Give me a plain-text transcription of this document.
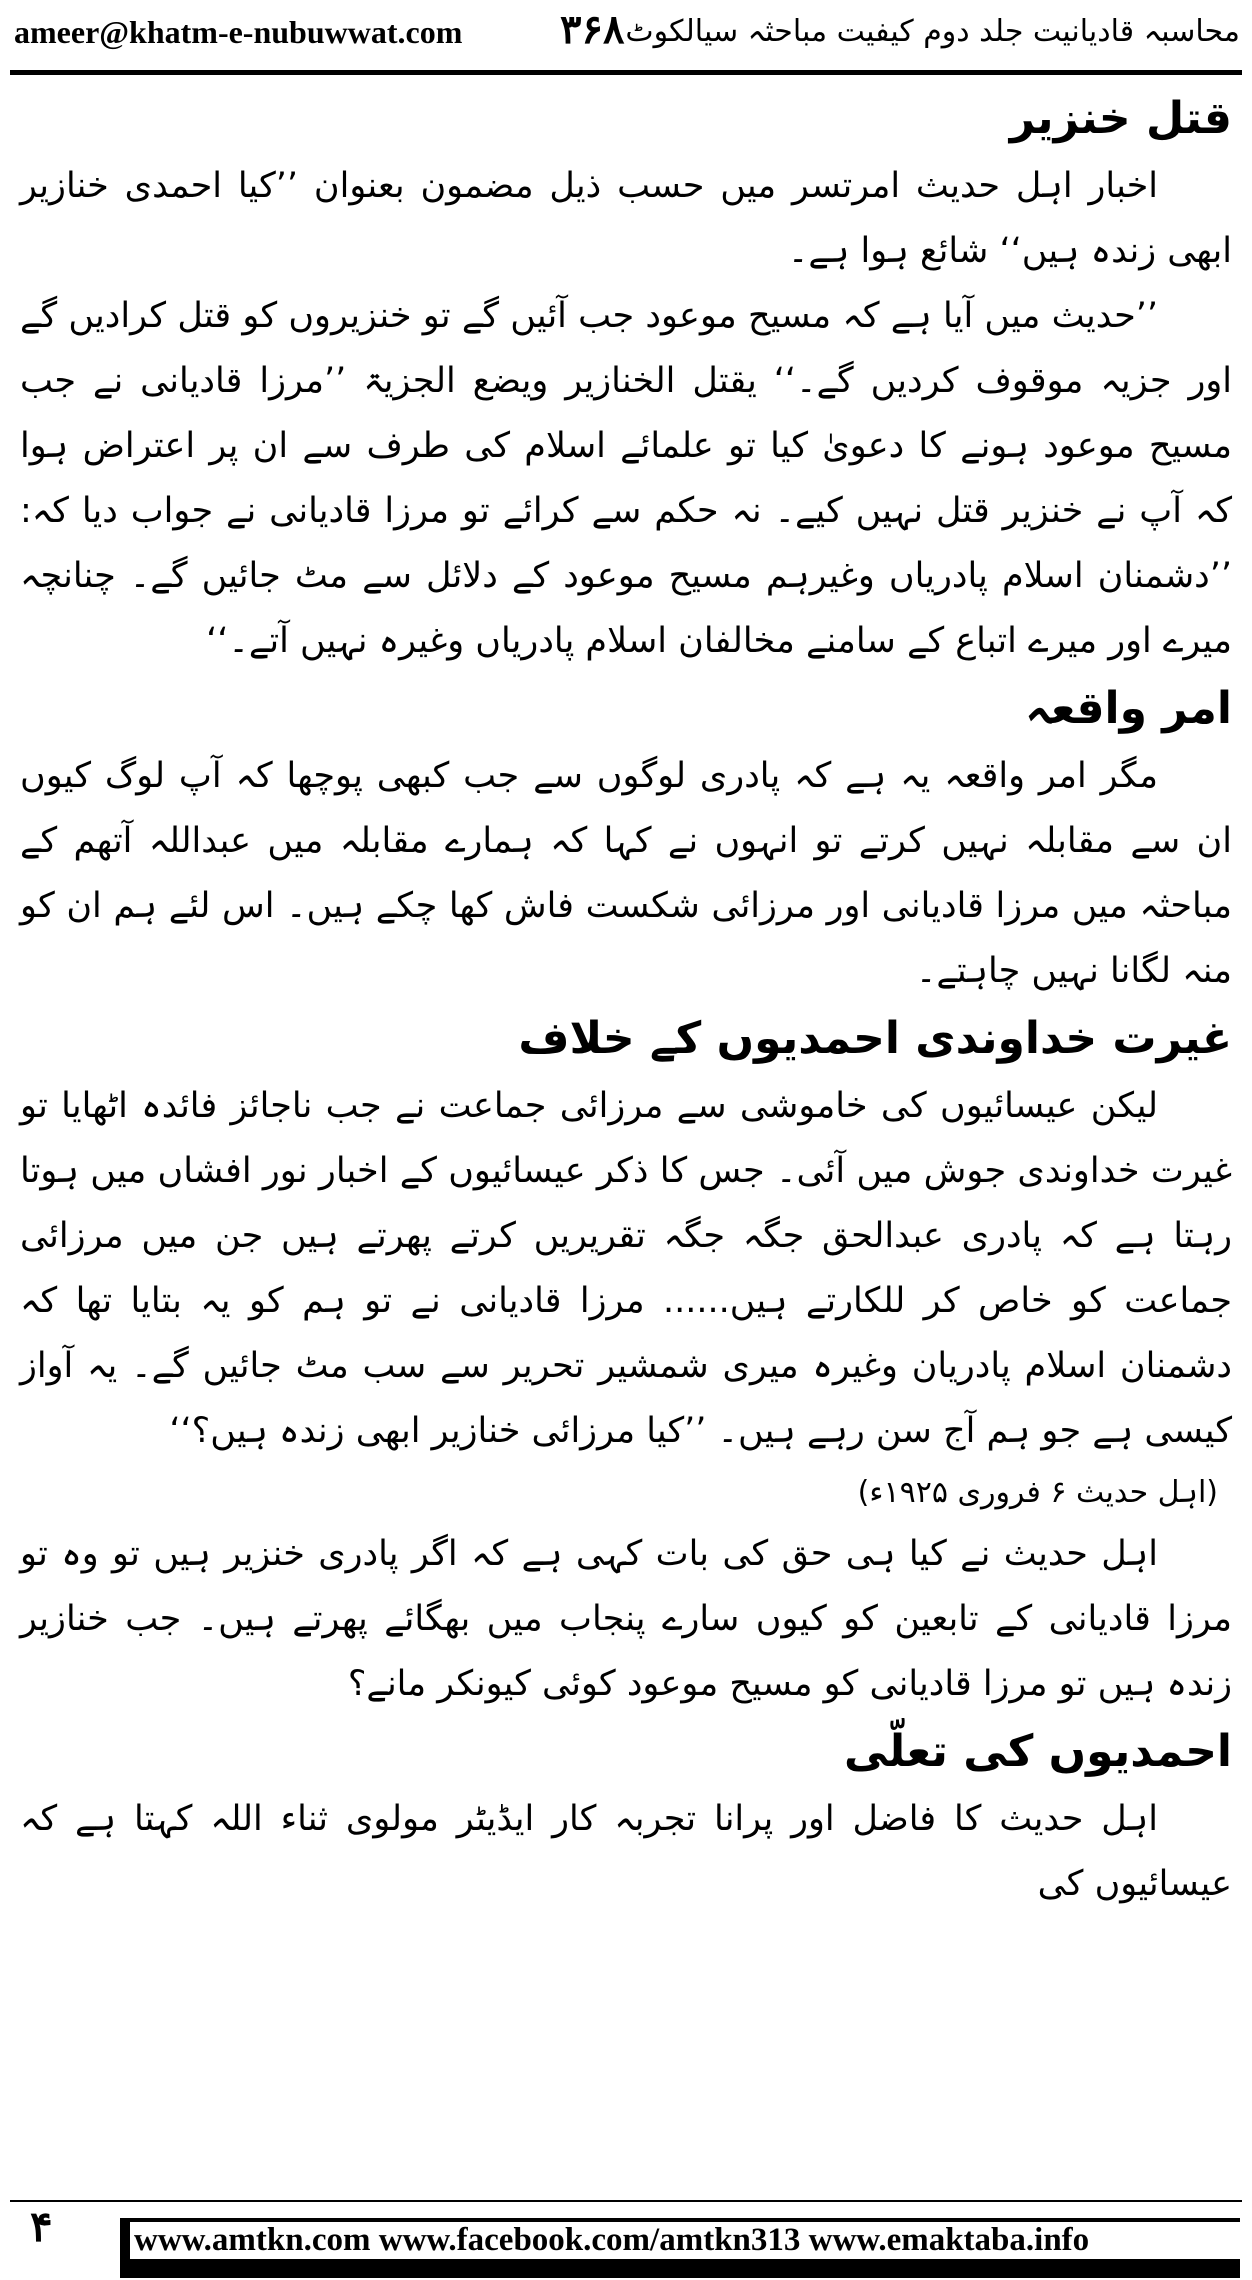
ameer@khatm-e-nubuwwat.com ۳۶۸ محاسبہ قادیانیت جلد دوم کیفیت مباحثہ سیالکوٹ
قتل خنزیر

اخبار اہل حدیث امرتسر میں حسب ذیل مضمون بعنوان ’’کیا احمدی خنازیر ابھی زندہ ہیں‘‘ شائع ہوا ہے۔

’’حدیث میں آیا ہے کہ مسیح موعود جب آئیں گے تو خنزیروں کو قتل کرادیں گے اور جزیہ موقوف کردیں گے۔‘‘ یقتل الخنازیر ویضع الجزیۃ ’’مرزا قادیانی نے جب مسیح موعود ہونے کا دعویٰ کیا تو علمائے اسلام کی طرف سے ان پر اعتراض ہوا کہ آپ نے خنزیر قتل نہیں کیے۔ نہ حکم سے کرائے تو مرزا قادیانی نے جواب دیا کہ: ’’دشمنان اسلام پادریاں وغیرہم مسیح موعود کے دلائل سے مٹ جائیں گے۔ چنانچہ میرے اور میرے اتباع کے سامنے مخالفان اسلام پادریاں وغیرہ نہیں آتے۔‘‘

امر واقعہ

مگر امر واقعہ یہ ہے کہ پادری لوگوں سے جب کبھی پوچھا کہ آپ لوگ کیوں ان سے مقابلہ نہیں کرتے تو انہوں نے کہا کہ ہمارے مقابلہ میں عبداللہ آتھم کے مباحثہ میں مرزا قادیانی اور مرزائی شکست فاش کھا چکے ہیں۔ اس لئے ہم ان کو منہ لگانا نہیں چاہتے۔

غیرت خداوندی احمدیوں کے خلاف

لیکن عیسائیوں کی خاموشی سے مرزائی جماعت نے جب ناجائز فائدہ اٹھایا تو غیرت خداوندی جوش میں آئی۔ جس کا ذکر عیسائیوں کے اخبار نور افشاں میں ہوتا رہتا ہے کہ پادری عبدالحق جگہ جگہ تقریریں کرتے پھرتے ہیں جن میں مرزائی جماعت کو خاص کر للکارتے ہیں...... مرزا قادیانی نے تو ہم کو یہ بتایا تھا کہ دشمنان اسلام پادریان وغیرہ میری شمشیر تحریر سے سب مٹ جائیں گے۔ یہ آواز کیسی ہے جو ہم آج سن رہے ہیں۔ ’’کیا مرزائی خنازیر ابھی زندہ ہیں؟‘‘

(اہل حدیث ۶ فروری ۱۹۲۵ء)

اہل حدیث نے کیا ہی حق کی بات کہی ہے کہ اگر پادری خنزیر ہیں تو وہ تو مرزا قادیانی کے تابعین کو کیوں سارے پنجاب میں بھگائے پھرتے ہیں۔ جب خنازیر زندہ ہیں تو مرزا قادیانی کو مسیح موعود کوئی کیونکر مانے؟

احمدیوں کی تعلّی

اہل حدیث کا فاضل اور پرانا تجربہ کار ایڈیٹر مولوی ثناء اللہ کہتا ہے کہ عیسائیوں کی

۴ www.amtkn.com www.facebook.com/amtkn313 www.emaktaba.info
